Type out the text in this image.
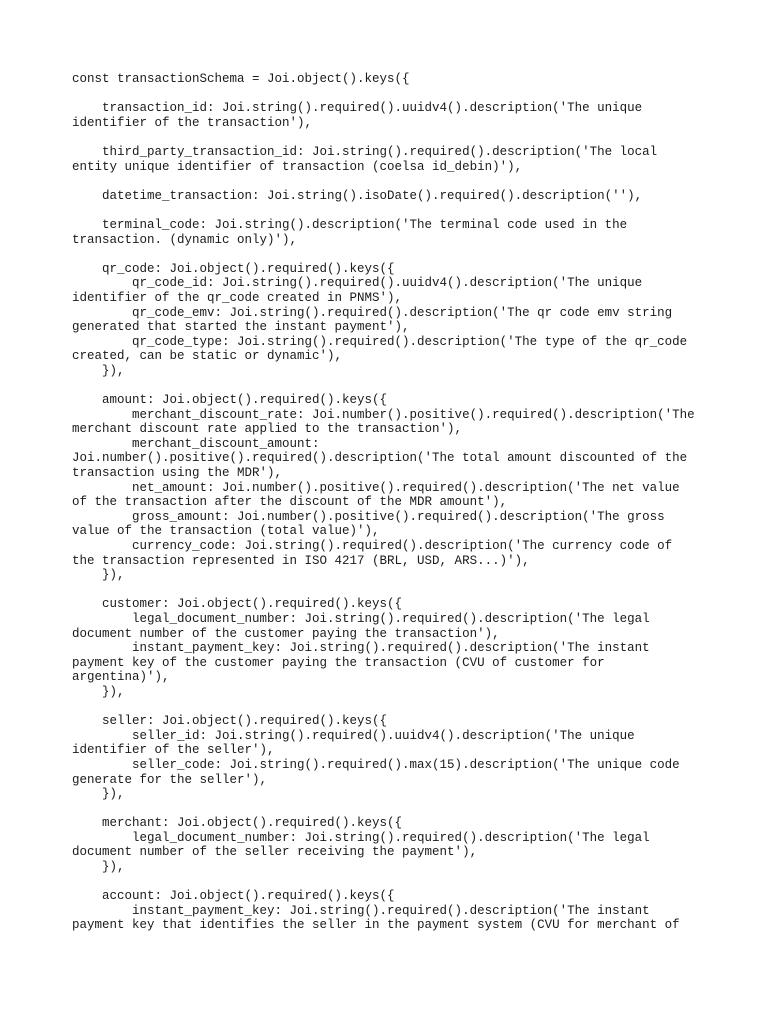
const transactionSchema = Joi.object().keys({
transaction_id: Joi.string().required().uuidv4().description('The unique
identifier of the transaction'),
third_party_transaction_id: Joi.string().required().description('The local
entity unique identifier of transaction (coelsa id_debin)'),
datetime_transaction: Joi.string().isoDate().required().description(''),
terminal_code: Joi.string().description('The terminal code used in the
transaction. (dynamic only)'),
qr_code: Joi.object().required().keys({
qr_code_id: Joi.string().required().uuidv4().description('The unique
identifier of the qr_code created in PNMS'),
qr_code_emv: Joi.string().required().description('The qr code emv string
generated that started the instant payment'),
qr_code_type: Joi.string().required().description('The type of the qr_code
created, can be static or dynamic'),
}),
amount: Joi.object().required().keys({
merchant_discount_rate: Joi.number().positive().required().description('The
merchant discount rate applied to the transaction'),
merchant_discount_amount:
Joi.number().positive().required().description('The total amount discounted of the
transaction using the MDR'),
net_amount: Joi.number().positive().required().description('The net value
of the transaction after the discount of the MDR amount'),
gross_amount: Joi.number().positive().required().description('The gross
value of the transaction (total value)'),
currency_code: Joi.string().required().description('The currency code of
the transaction represented in ISO 4217 (BRL, USD, ARS...)'),
}),
customer: Joi.object().required().keys({
legal_document_number: Joi.string().required().description('The legal
document number of the customer paying the transaction'),
instant_payment_key: Joi.string().required().description('The instant
payment key of the customer paying the transaction (CVU of customer for
argentina)'),
}),
seller: Joi.object().required().keys({
seller_id: Joi.string().required().uuidv4().description('The unique
identifier of the seller'),
seller_code: Joi.string().required().max(15).description('The unique code
generate for the seller'),
}),
merchant: Joi.object().required().keys({
legal_document_number: Joi.string().required().description('The legal
document number of the seller receiving the payment'),
}),
account: Joi.object().required().keys({
instant_payment_key: Joi.string().required().description('The instant
payment key that identifies the seller in the payment system (CVU for merchant of
